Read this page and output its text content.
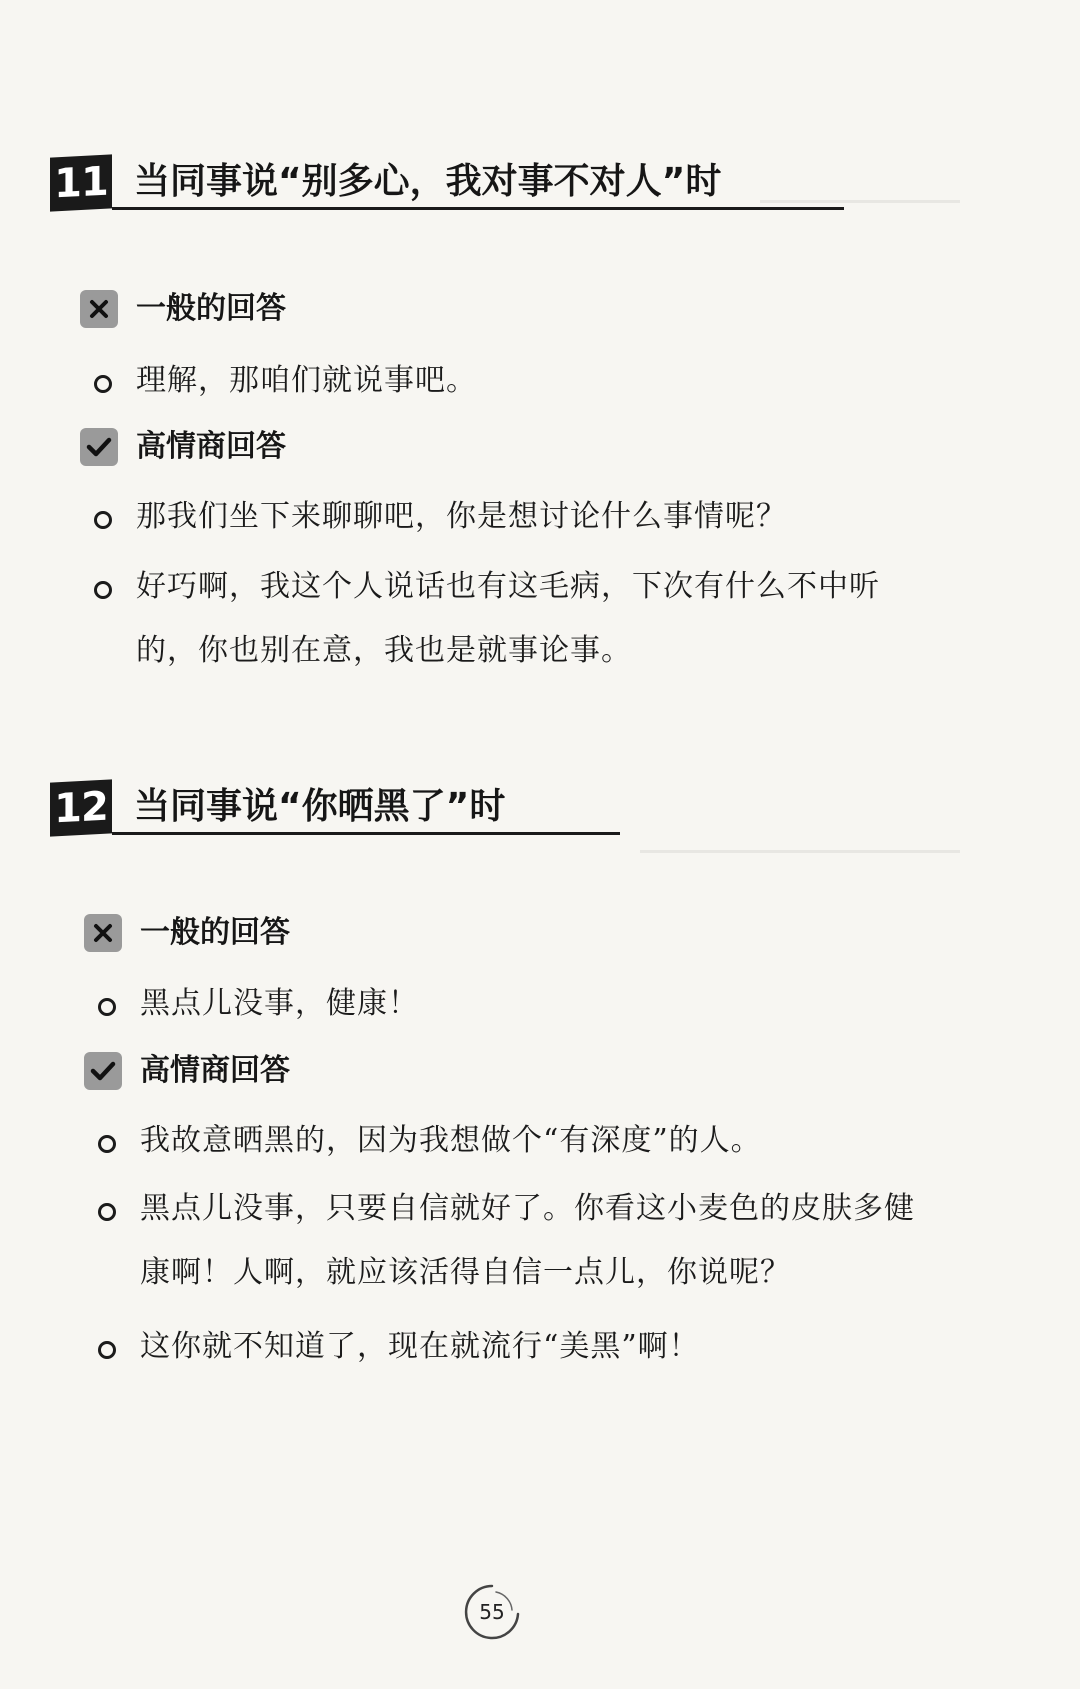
11 当同事说“别多心，我对事不对人”时
一般的回答
理解，那咱们就说事吧。
高情商回答
那我们坐下来聊聊吧，你是想讨论什么事情呢？
好巧啊，我这个人说话也有这毛病，下次有什么不中听的，你也别在意，我也是就事论事。
12 当同事说“你晒黑了”时
一般的回答
黑点儿没事，健康！
高情商回答
我故意晒黑的，因为我想做个“有深度”的人。
黑点儿没事，只要自信就好了。你看这小麦色的皮肤多健康啊！人啊，就应该活得自信一点儿，你说呢？
这你就不知道了，现在就流行“美黑”啊！
55
